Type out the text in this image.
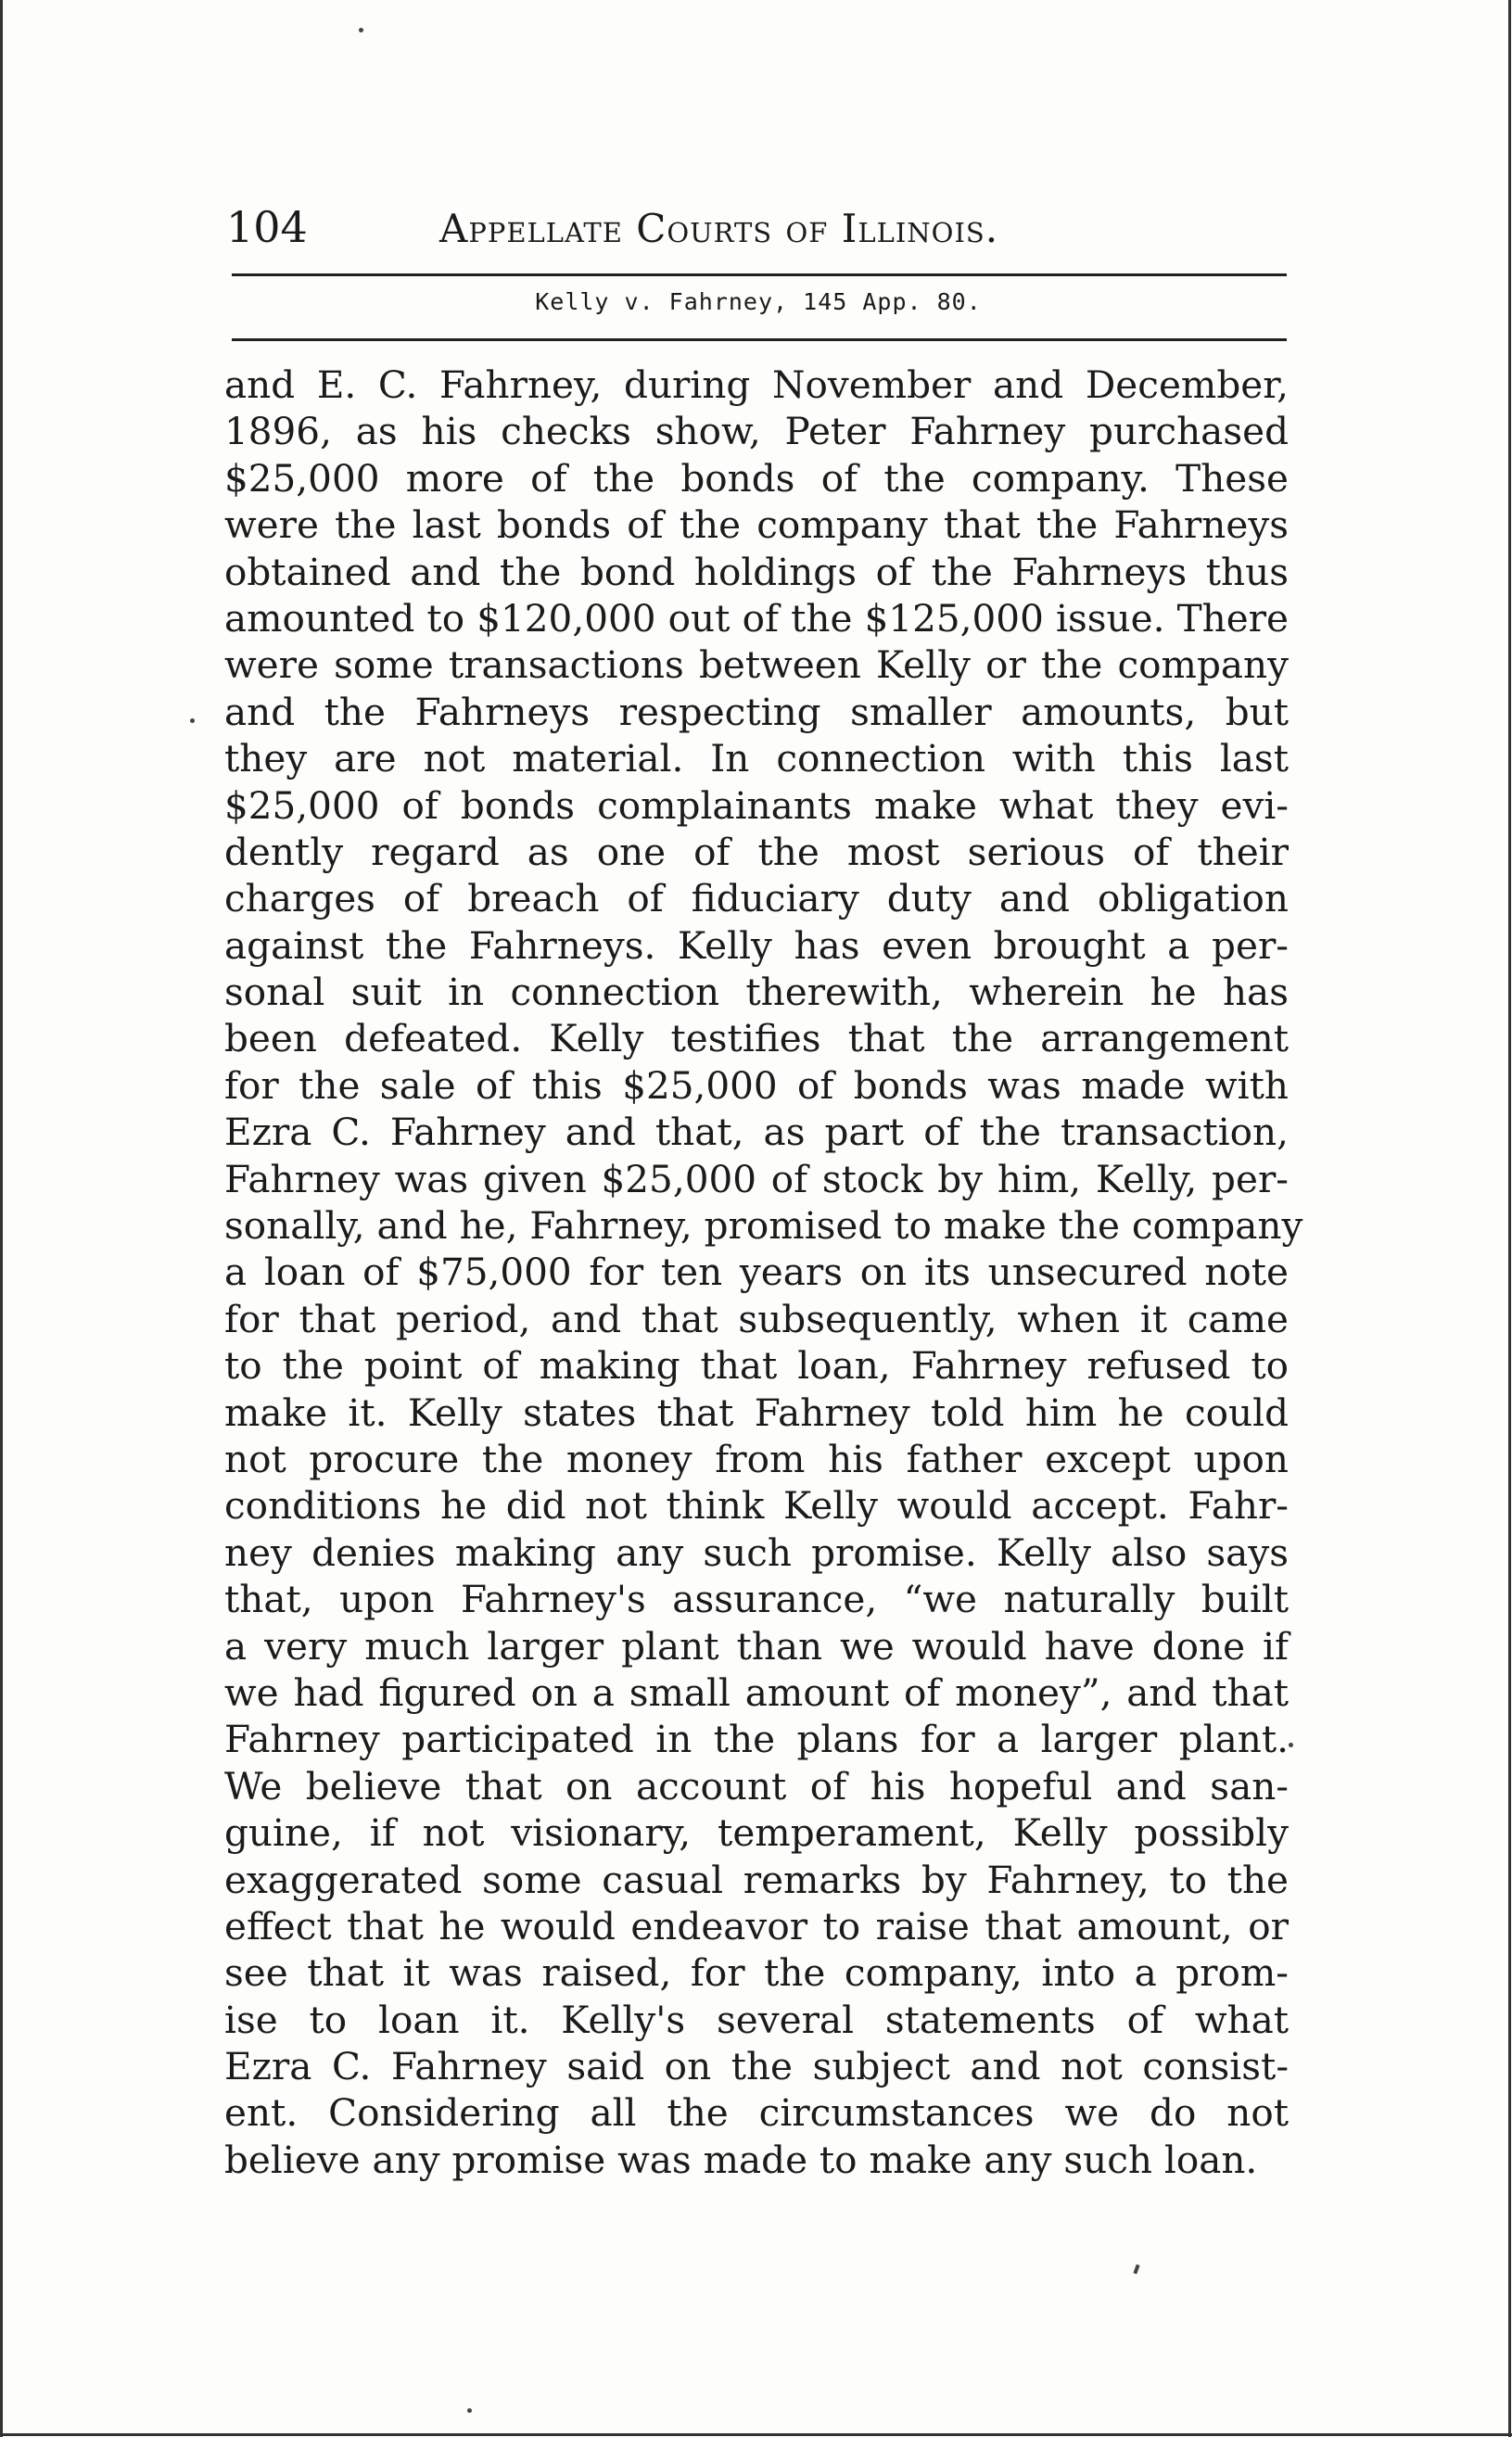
104	Appellate Courts of Illinois.
Kelly v. Fahrney, 145 App. 80.
and E. C. Fahrney, during November and December,
1896, as his checks show, Peter Fahrney purchased
$25,000 more of the bonds of the company. These
were the last bonds of the company that the Fahrneys
obtained and the bond holdings of the Fahrneys thus
amounted to $120,000 out of the $125,000 issue. There
were some transactions between Kelly or the company
and the Fahrneys respecting smaller amounts, but
they are not material. In connection with this last
$25,000 of bonds complainants make what they evi-
dently regard as one of the most serious of their
charges of breach of fiduciary duty and obligation
against the Fahrneys. Kelly has even brought a per-
sonal suit in connection therewith, wherein he has
been defeated. Kelly testifies that the arrangement
for the sale of this $25,000 of bonds was made with
Ezra C. Fahrney and that, as part of the transaction,
Fahrney was given $25,000 of stock by him, Kelly, per-
sonally, and he, Fahrney, promised to make the company
a loan of $75,000 for ten years on its unsecured note
for that period, and that subsequently, when it came
to the point of making that loan, Fahrney refused to
make it. Kelly states that Fahrney told him he could
not procure the money from his father except upon
conditions he did not think Kelly would accept. Fahr-
ney denies making any such promise. Kelly also says
that, upon Fahrney's assurance, “we naturally built
a very much larger plant than we would have done if
we had figured on a small amount of money”, and that
Fahrney participated in the plans for a larger plant.
We believe that on account of his hopeful and san-
guine, if not visionary, temperament, Kelly possibly
exaggerated some casual remarks by Fahrney, to the
effect that he would endeavor to raise that amount, or
see that it was raised, for the company, into a prom-
ise to loan it. Kelly's several statements of what
Ezra C. Fahrney said on the subject and not consist-
ent. Considering all the circumstances we do not
believe any promise was made to make any such loan.
